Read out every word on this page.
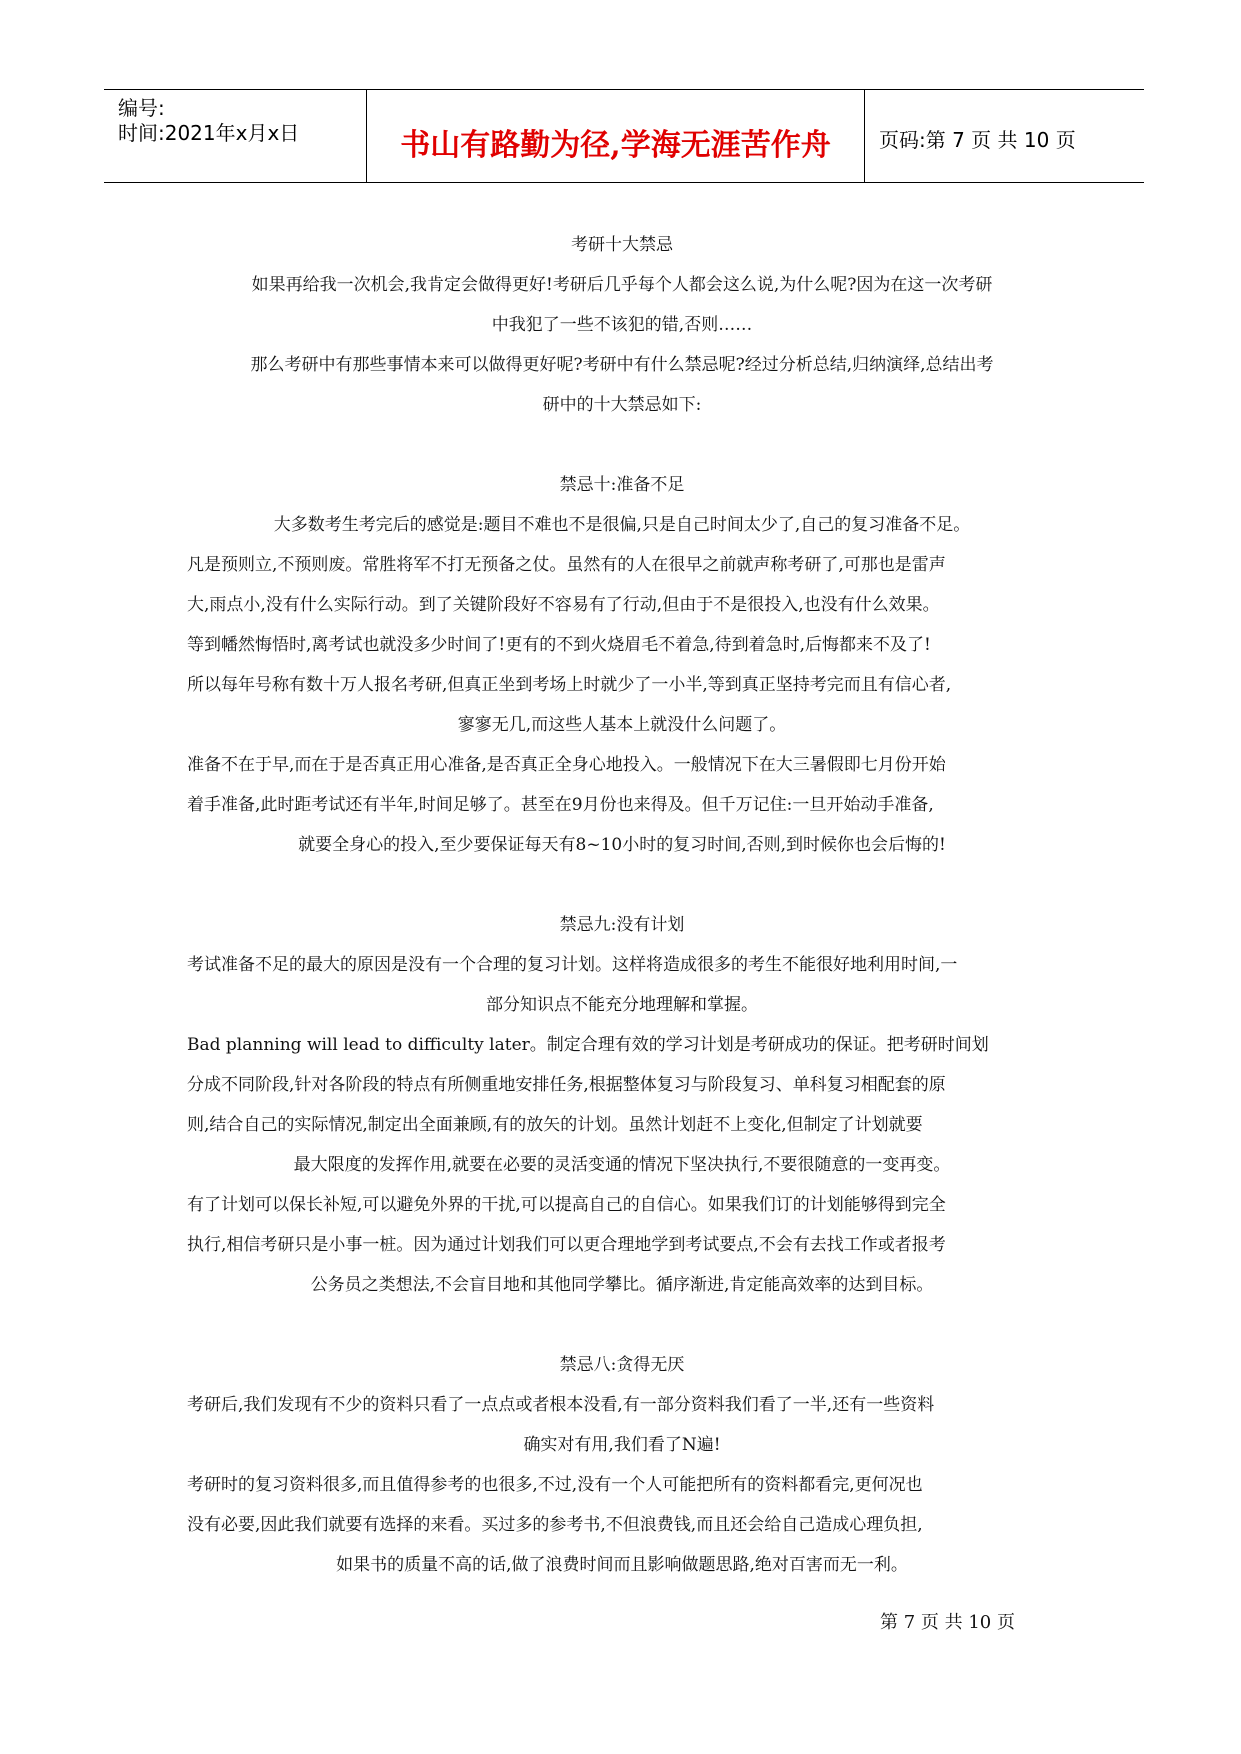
编号:
时间:2021年x月x日	书山有路勤为径,学海无涯苦作舟	页码:第 7 页 共 10 页
考研十大禁忌
如果再给我一次机会,我肯定会做得更好!考研后几乎每个人都会这么说,为什么呢?因为在这一次考研
中我犯了一些不该犯的错,否则……
那么考研中有那些事情本来可以做得更好呢?考研中有什么禁忌呢?经过分析总结,归纳演绎,总结出考
研中的十大禁忌如下:
禁忌十:准备不足
大多数考生考完后的感觉是:题目不难也不是很偏,只是自己时间太少了,自己的复习准备不足。
凡是预则立,不预则废。常胜将军不打无预备之仗。虽然有的人在很早之前就声称考研了,可那也是雷声
大,雨点小,没有什么实际行动。到了关键阶段好不容易有了行动,但由于不是很投入,也没有什么效果。
等到幡然悔悟时,离考试也就没多少时间了!更有的不到火烧眉毛不着急,待到着急时,后悔都来不及了!
所以每年号称有数十万人报名考研,但真正坐到考场上时就少了一小半,等到真正坚持考完而且有信心者,
寥寥无几,而这些人基本上就没什么问题了。
准备不在于早,而在于是否真正用心准备,是否真正全身心地投入。一般情况下在大三暑假即七月份开始
着手准备,此时距考试还有半年,时间足够了。甚至在9月份也来得及。但千万记住:一旦开始动手准备,
就要全身心的投入,至少要保证每天有8~10小时的复习时间,否则,到时候你也会后悔的!
禁忌九:没有计划
考试准备不足的最大的原因是没有一个合理的复习计划。这样将造成很多的考生不能很好地利用时间,一
部分知识点不能充分地理解和掌握。
Bad planning will lead to difficulty later。制定合理有效的学习计划是考研成功的保证。把考研时间划
分成不同阶段,针对各阶段的特点有所侧重地安排任务,根据整体复习与阶段复习、单科复习相配套的原
则,结合自己的实际情况,制定出全面兼顾,有的放矢的计划。虽然计划赶不上变化,但制定了计划就要
最大限度的发挥作用,就要在必要的灵活变通的情况下坚决执行,不要很随意的一变再变。
有了计划可以保长补短,可以避免外界的干扰,可以提高自己的自信心。如果我们订的计划能够得到完全
执行,相信考研只是小事一桩。因为通过计划我们可以更合理地学到考试要点,不会有去找工作或者报考
公务员之类想法,不会盲目地和其他同学攀比。循序渐进,肯定能高效率的达到目标。
禁忌八:贪得无厌
考研后,我们发现有不少的资料只看了一点点或者根本没看,有一部分资料我们看了一半,还有一些资料
确实对有用,我们看了N遍!
考研时的复习资料很多,而且值得参考的也很多,不过,没有一个人可能把所有的资料都看完,更何况也
没有必要,因此我们就要有选择的来看。买过多的参考书,不但浪费钱,而且还会给自己造成心理负担,
如果书的质量不高的话,做了浪费时间而且影响做题思路,绝对百害而无一利。
第 7 页 共 10 页
